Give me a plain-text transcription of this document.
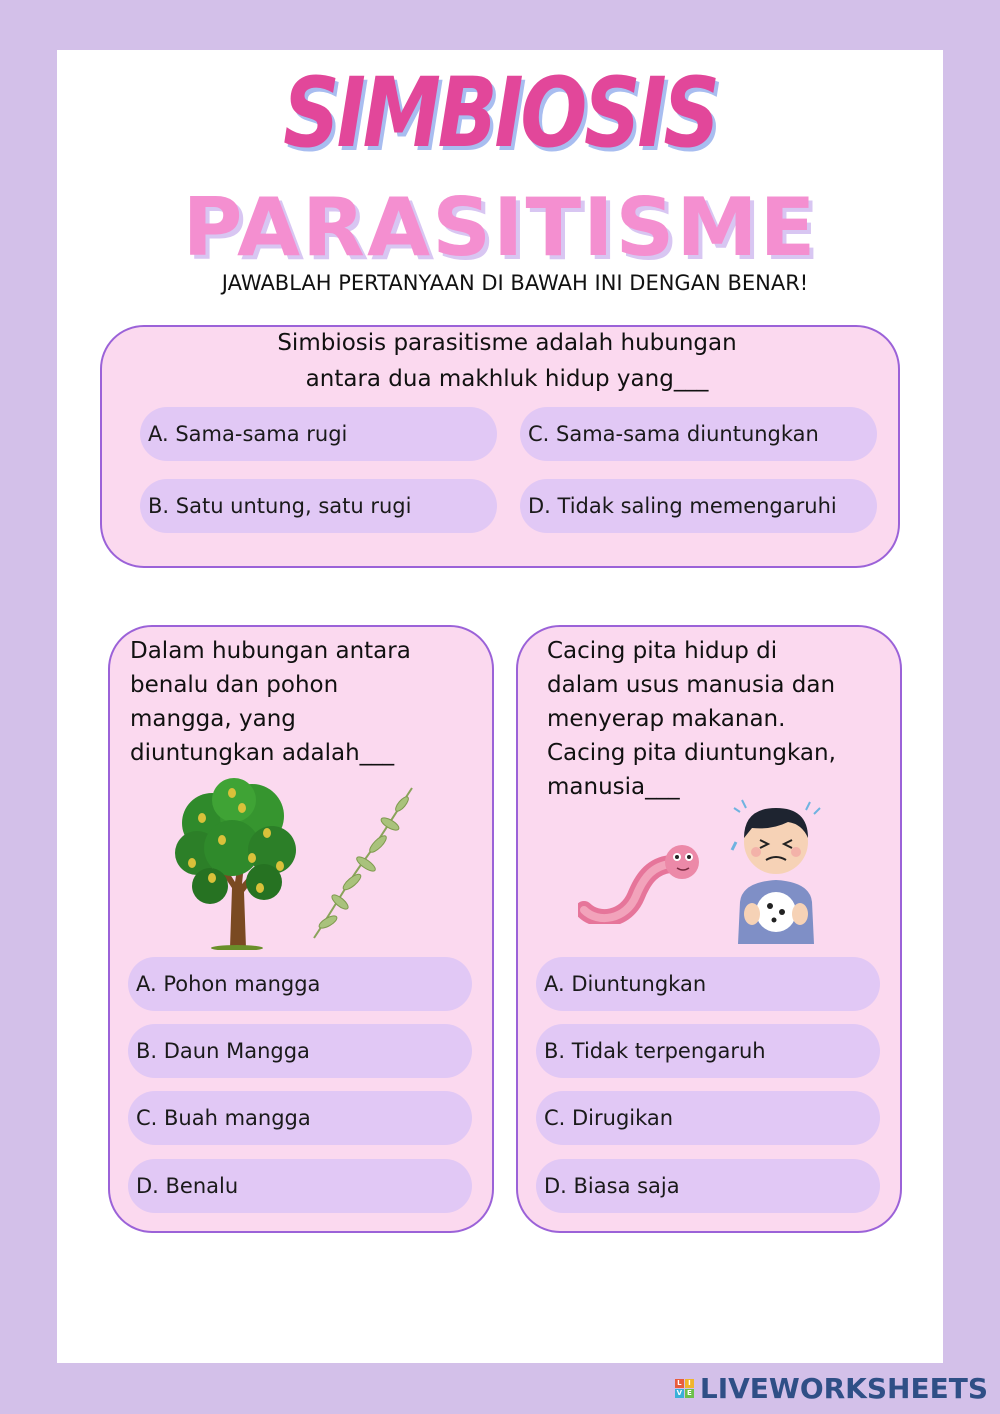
SIMBIOSIS
PARASITISME
JAWABLAH PERTANYAAN DI BAWAH INI DENGAN BENAR!
Simbiosis parasitisme adalah hubungan
antara dua makhluk hidup yang___
A. Sama-sama rugi	C. Sama-sama diuntungkan
B. Satu untung, satu rugi	D. Tidak saling memengaruhi
Dalam hubungan antara
benalu dan pohon
mangga, yang
diuntungkan adalah___
A. Pohon mangga
B. Daun Mangga
C. Buah mangga
D. Benalu
Cacing pita hidup di
dalam usus manusia dan
menyerap makanan.
Cacing pita diuntungkan,
manusia___
A. Diuntungkan
B. Tidak terpengaruh
C. Dirugikan
D. Biasa saja
L I
V E LIVEWORKSHEETS
